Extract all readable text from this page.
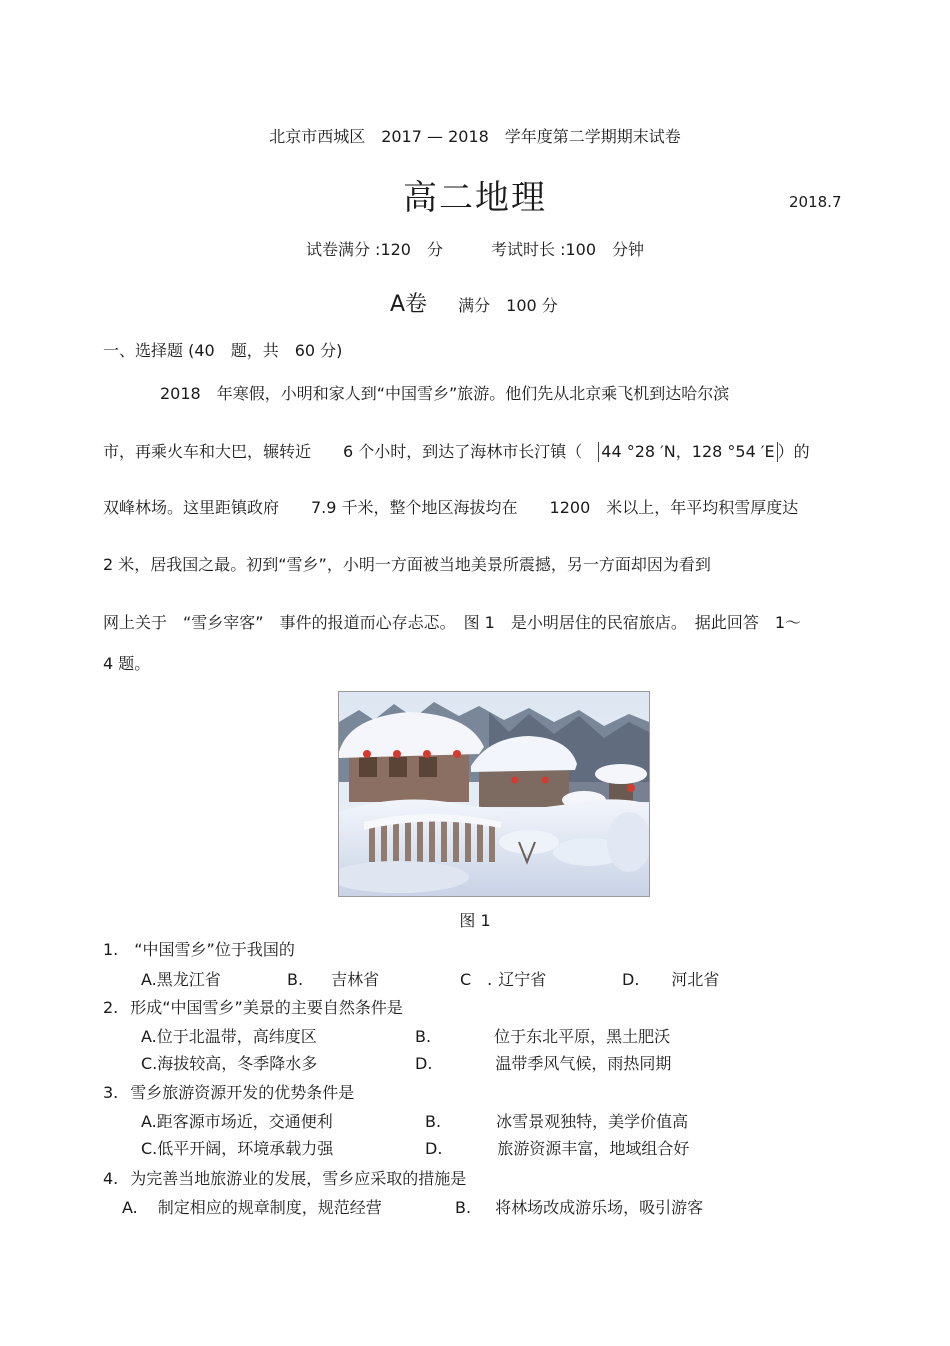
北京市西城区　2017 — 2018　学年度第二学期期末试卷
高二地理	2018.7
试卷满分 :120　分　　　考试时长 :100　分钟
A卷 满分　100 分
一、选择题 (40　题，共　60 分)
2018　年寒假，小明和家人到“中国雪乡”旅游。他们先从北京乘飞机到达哈尔滨
市，再乘火车和大巴，辗转近　　6 个小时，到达了海林市长汀镇（　44 °28 ′N，128 °54 ′E ）的
双峰林场。这里距镇政府　　7.9 千米，整个地区海拔均在　　1200　米以上，年平均积雪厚度达
2 米，居我国之最。初到“雪乡”，小明一方面被当地美景所震撼，另一方面却因为看到
网上关于　“雪乡宰客”　事件的报道而心存忐忑。　图 1　是小明居住的民宿旅店。　据此回答　1～
4 题。
图 1
1. “中国雪乡”位于我国的
A.黑龙江省	B. 吉林省	C　. 辽宁省	D. 河北省
2. 形成“中国雪乡”美景的主要自然条件是
A.位于北温带，高纬度区	B.	位于东北平原，黑土肥沃
C.海拔较高，冬季降水多	D.	温带季风气候，雨热同期
3. 雪乡旅游资源开发的优势条件是
A.距客源市场近，交通便利	B.	冰雪景观独特，美学价值高
C.低平开阔，环境承载力强	D.	旅游资源丰富，地域组合好
4. 为完善当地旅游业的发展，雪乡应采取的措施是
A. 制定相应的规章制度，规范经营	B. 将林场改成游乐场，吸引游客
